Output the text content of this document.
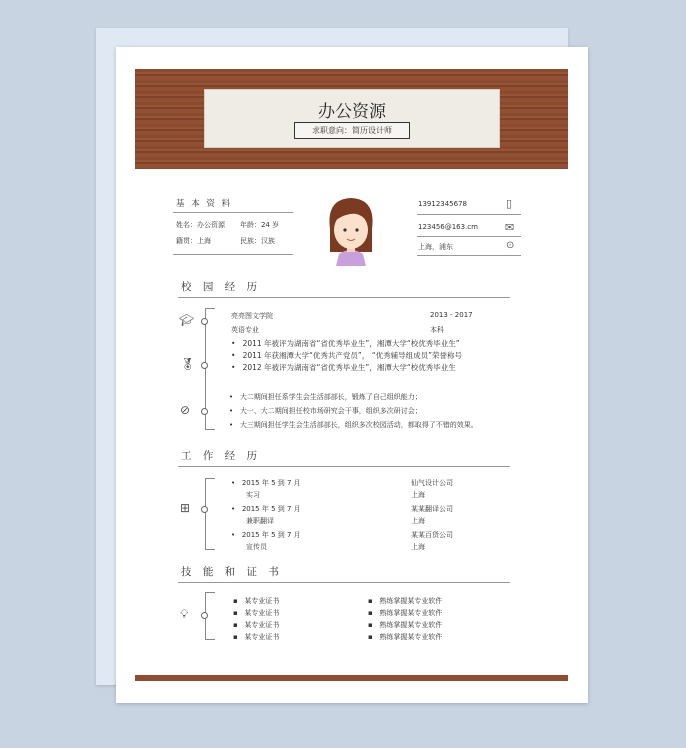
办公资源
求职意向：简历设计师
基 本 资 料
姓名：办公资源 年龄：24 岁
籍贯：上海	民族：汉族
13912345678	▯
123456@163.cm ✉
上海，浦东	⊙
校 园 经 历
🎓︎
🏅︎
⊘
亮亮图文学院	2013 - 2017
英语专业	本科
•   2011 年被评为湖南省“省优秀毕业生”，湘潭大学“校优秀毕业生”
•   2011 年获湘潭大学“优秀共产党员”， “优秀辅导组成员”荣誉称号
•   2012 年被评为湖南省“省优秀毕业生”，湘潭大学“校优秀毕业生
•   大二期间担任系学生会生活部部长，锻炼了自己组织能力；
•   大一、大二期间担任校市场研究会干事，组织多次研讨会；
•   大三期间担任学生会生活部部长，组织多次校园活动，都取得了不错的效果。
工 作 经 历
⊞
•   2015 年 5 到 7 月
实习
仙气设计公司
上海
•   2015 年 5 到 7 月
兼职翻译
某某翻译公司
上海
•   2015 年 5 到 7 月
宣传员
某某百货公司
上海
技 能 和 证 书
💡︎
▪   某专业证书	▪   熟练掌握某专业软件
▪   某专业证书	▪   熟练掌握某专业软件
▪   某专业证书	▪   熟练掌握某专业软件
▪   某专业证书	▪   熟练掌握某专业软件
